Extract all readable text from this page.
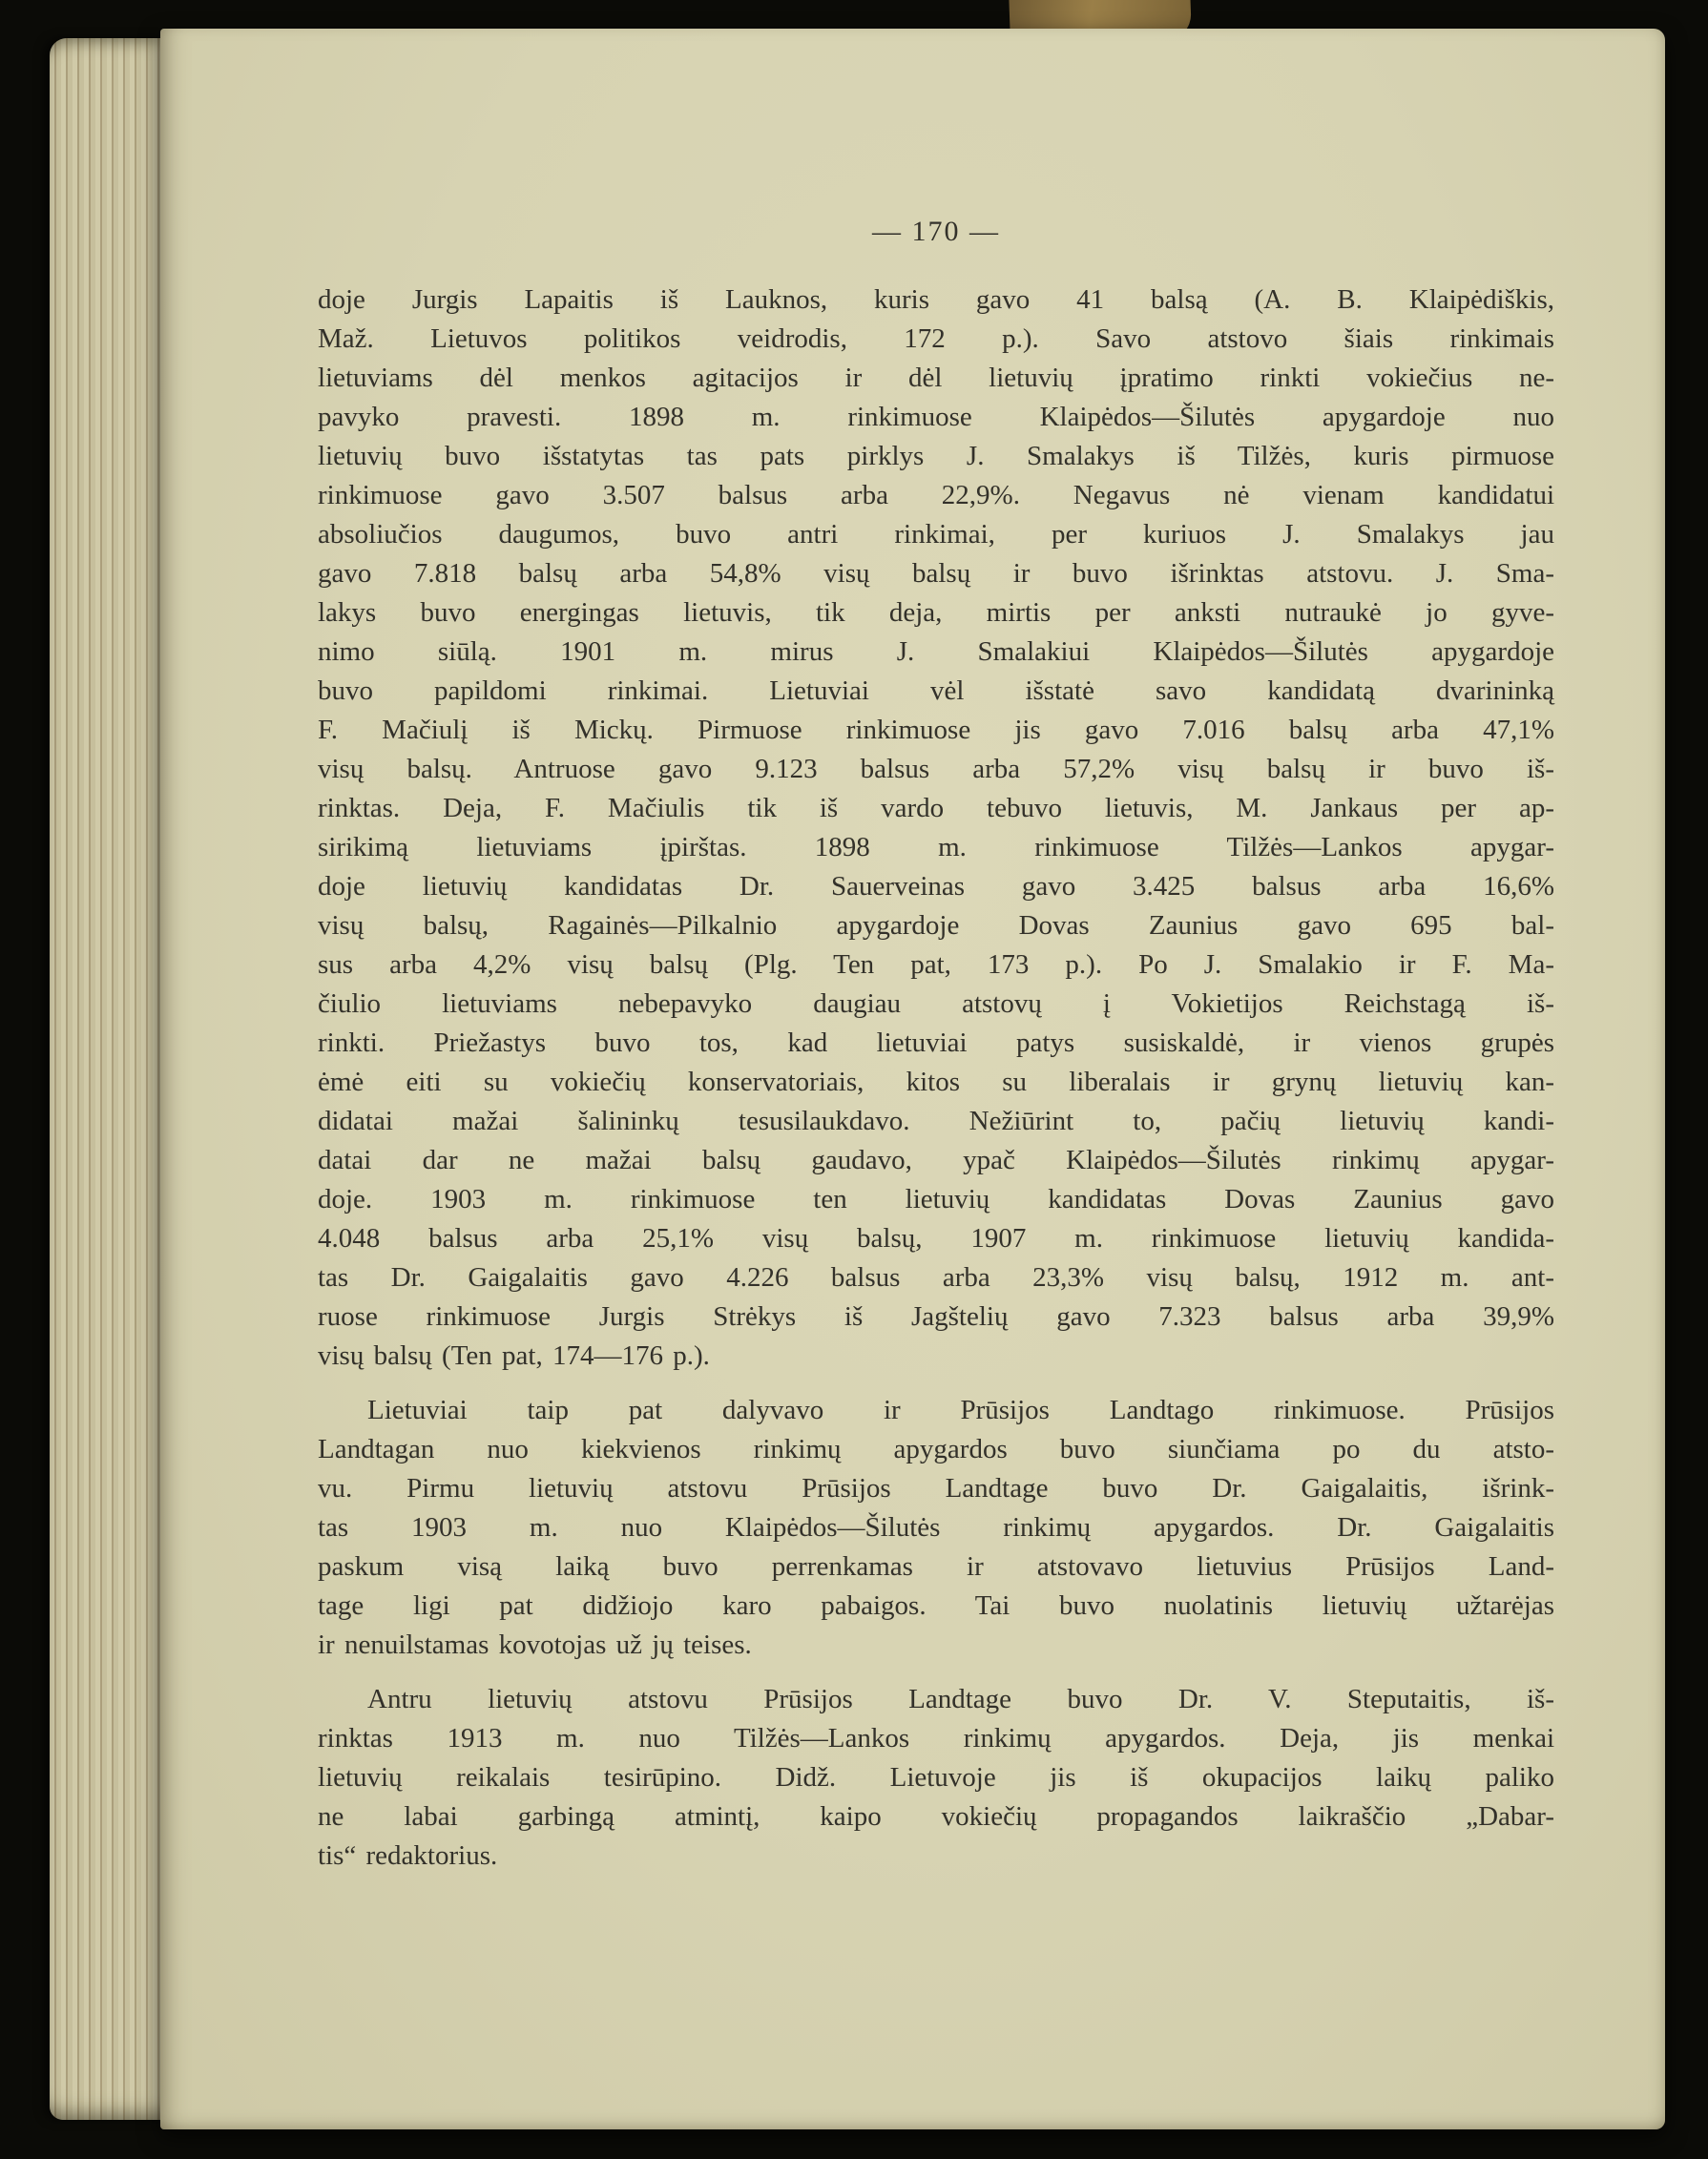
— 170 —
doje Jurgis Lapaitis iš Lauknos, kuris gavo 41 balsą (A. B. Klaipėdiškis,
Maž. Lietuvos politikos veidrodis, 172 p.). Savo atstovo šiais rinkimais
lietuviams dėl menkos agitacijos ir dėl lietuvių įpratimo rinkti vokiečius ne-
pavyko pravesti. 1898 m. rinkimuose Klaipėdos—Šilutės apygardoje nuo
lietuvių buvo išstatytas tas pats pirklys J. Smalakys iš Tilžės, kuris pirmuose
rinkimuose gavo 3.507 balsus arba 22,9%. Negavus nė vienam kandidatui
absoliučios daugumos, buvo antri rinkimai, per kuriuos J. Smalakys jau
gavo 7.818 balsų arba 54,8% visų balsų ir buvo išrinktas atstovu. J. Sma-
lakys buvo energingas lietuvis, tik deja, mirtis per anksti nutraukė jo gyve-
nimo siūlą. 1901 m. mirus J. Smalakiui Klaipėdos—Šilutės apygardoje
buvo papildomi rinkimai. Lietuviai vėl išstatė savo kandidatą dvarininką
F. Mačiulį iš Mickų. Pirmuose rinkimuose jis gavo 7.016 balsų arba 47,1%
visų balsų. Antruose gavo 9.123 balsus arba 57,2% visų balsų ir buvo iš-
rinktas. Deja, F. Mačiulis tik iš vardo tebuvo lietuvis, M. Jankaus per ap-
sirikimą lietuviams įpirštas. 1898 m. rinkimuose Tilžės—Lankos apygar-
doje lietuvių kandidatas Dr. Sauerveinas gavo 3.425 balsus arba 16,6%
visų balsų, Ragainės—Pilkalnio apygardoje Dovas Zaunius gavo 695 bal-
sus arba 4,2% visų balsų (Plg. Ten pat, 173 p.). Po J. Smalakio ir F. Ma-
čiulio lietuviams nebepavyko daugiau atstovų į Vokietijos Reichstagą iš-
rinkti. Priežastys buvo tos, kad lietuviai patys susiskaldė, ir vienos grupės
ėmė eiti su vokiečių konservatoriais, kitos su liberalais ir grynų lietuvių kan-
didatai mažai šalininkų tesusilaukdavo. Nežiūrint to, pačių lietuvių kandi-
datai dar ne mažai balsų gaudavo, ypač Klaipėdos—Šilutės rinkimų apygar-
doje. 1903 m. rinkimuose ten lietuvių kandidatas Dovas Zaunius gavo
4.048 balsus arba 25,1% visų balsų, 1907 m. rinkimuose lietuvių kandida-
tas Dr. Gaigalaitis gavo 4.226 balsus arba 23,3% visų balsų, 1912 m. ant-
ruose rinkimuose Jurgis Strėkys iš Jagštelių gavo 7.323 balsus arba 39,9%
visų balsų (Ten pat, 174—176 p.).
Lietuviai taip pat dalyvavo ir Prūsijos Landtago rinkimuose. Prūsijos
Landtagan nuo kiekvienos rinkimų apygardos buvo siunčiama po du atsto-
vu. Pirmu lietuvių atstovu Prūsijos Landtage buvo Dr. Gaigalaitis, išrink-
tas 1903 m. nuo Klaipėdos—Šilutės rinkimų apygardos. Dr. Gaigalaitis
paskum visą laiką buvo perrenkamas ir atstovavo lietuvius Prūsijos Land-
tage ligi pat didžiojo karo pabaigos. Tai buvo nuolatinis lietuvių užtarėjas
ir nenuilstamas kovotojas už jų teises.
Antru lietuvių atstovu Prūsijos Landtage buvo Dr. V. Steputaitis, iš-
rinktas 1913 m. nuo Tilžės—Lankos rinkimų apygardos. Deja, jis menkai
lietuvių reikalais tesirūpino. Didž. Lietuvoje jis iš okupacijos laikų paliko
ne labai garbingą atmintį, kaipo vokiečių propagandos laikraščio „Dabar-
tis“ redaktorius.
